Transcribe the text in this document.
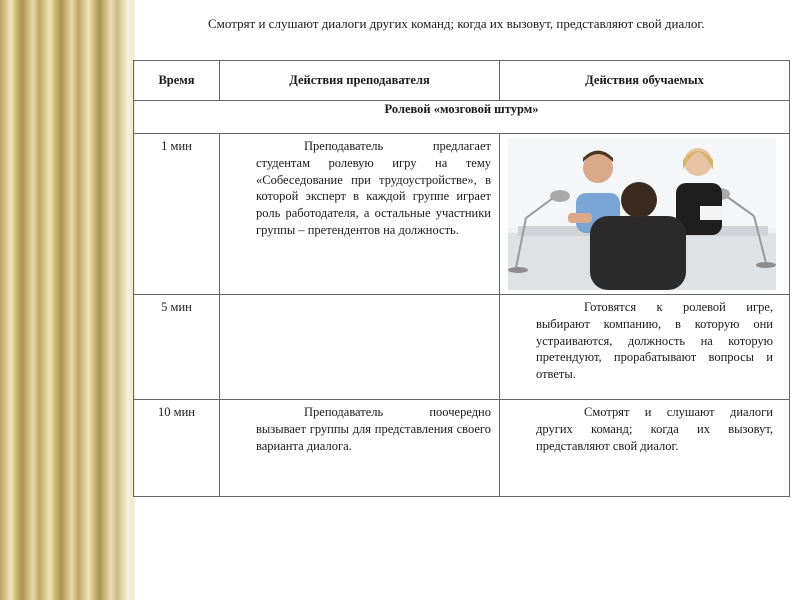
Смотрят и слушают диалоги других команд; когда их вызовут, представляют свой диалог.

Время	Действия преподавателя	Действия обучаемых
Ролевой «мозговой штурм»		
1 мин	Преподаватель предлагает студентам ролевую игру на тему «Собеседование при трудоустройстве», в которой эксперт в каждой группе играет роль работодателя, а остальные участники группы – претендентов на должность.

5 мин		Готовятся к ролевой игре, выбирают компанию, в которую они устраиваются, должность на которую претендуют, прорабатывают вопросы и ответы.

10 мин	Преподаватель поочередно вызывает группы для представления своего варианта диалога.	Смотрят и слушают диалоги других команд; когда их вызовут, представляют свой диалог.
